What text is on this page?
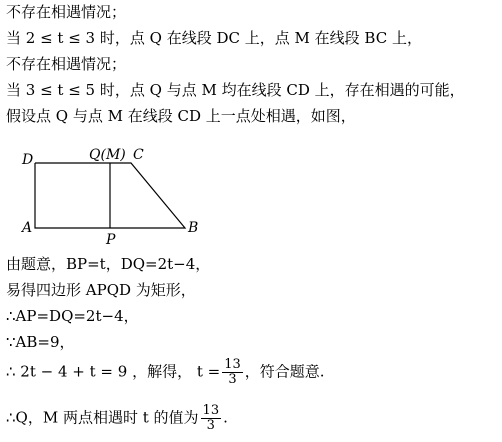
不存在相遇情况；
当 2 ≤ t ≤ 3 时，点 Q 在线段 DC 上，点 M 在线段 BC 上，
不存在相遇情况；
当 3 ≤ t ≤ 5 时，点 Q 与点 M 均在线段 CD 上，存在相遇的可能，
假设点 Q 与点 M 在线段 CD 上一点处相遇，如图，
D	Q(M) C
A
P
B
由题意，BP=t，DQ=2t−4，
易得四边形 APQD 为矩形，
∴AP=DQ=2t−4，
∵AB=9，
∴ 2t − 4 + t = 9 ，解得， $t = \frac{13}{3}$ ，符合题意.
∴Q，M 两点相遇时 t 的值为 $\frac{13}{3}$ .
